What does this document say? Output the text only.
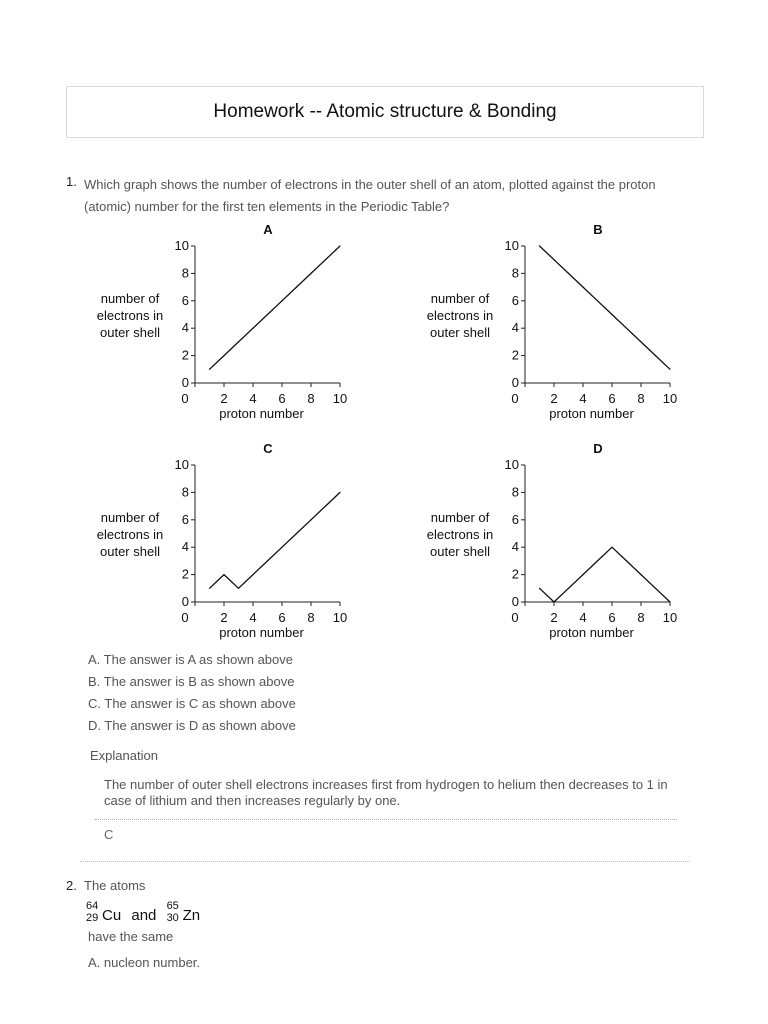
Homework -- Atomic structure & Bonding
1. Which graph shows the number of electrons in the outer shell of an atom, plotted against the proton (atomic) number for the first ten elements in the Periodic Table?
A
0
2
4
6
8
10
0 2 4 6 8 10
proton number
number of
electrons in
outer shell
B
0
2
4
6
8
10
0 2 4 6 8 10
proton number
number of
electrons in
outer shell
C
0
2
4
6
8
10
0 2 4 6 8 10
proton number
number of
electrons in
outer shell
D
0
2
4
6
8
10
0 2 4 6 8 10
proton number
number of
electrons in
outer shell
A. The answer is A as shown above
B. The answer is B as shown above
C. The answer is C as shown above
D. The answer is D as shown above
Explanation
The number of outer shell electrons increases first from hydrogen to helium then decreases to 1 in case of lithium and then increases regularly by one.
C
2. The atoms
64
29 Cu and
65
30 Zn
have the same
A. nucleon number.
